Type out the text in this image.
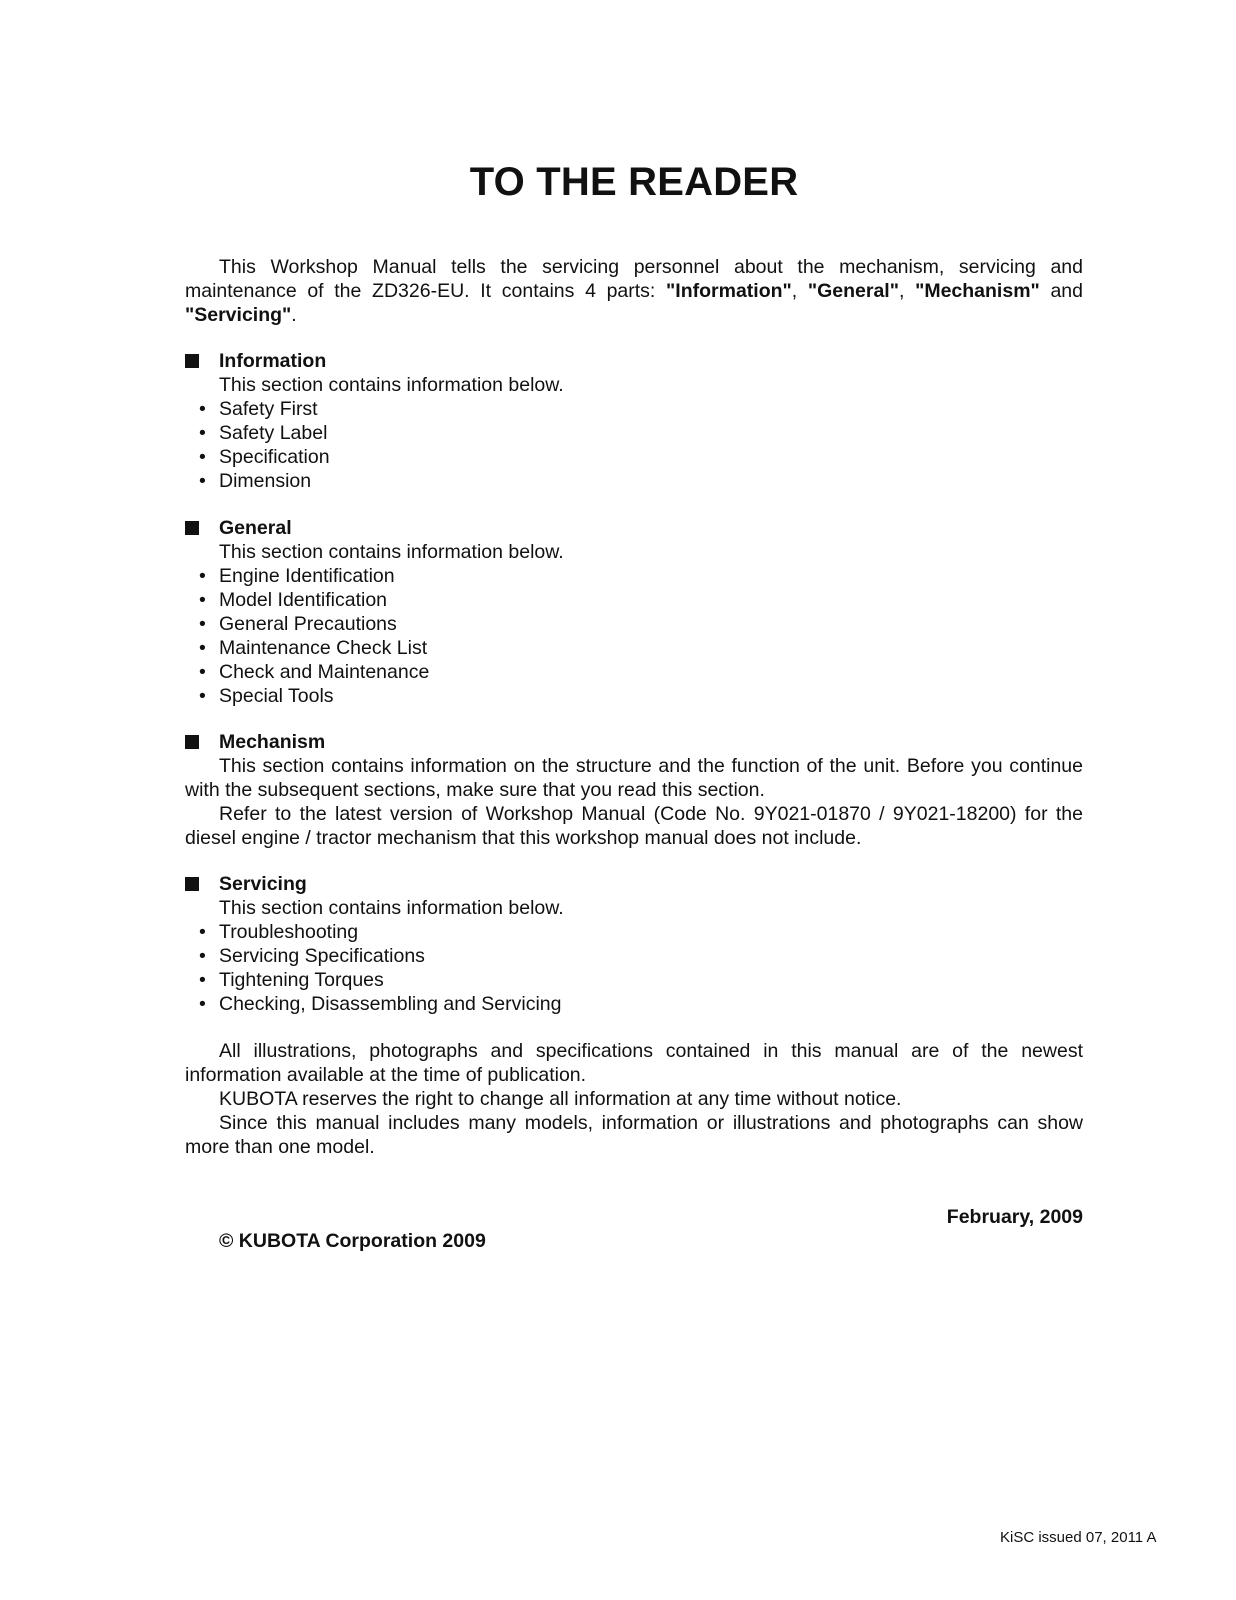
TO THE READER

This Workshop Manual tells the servicing personnel about the mechanism, servicing and maintenance of the ZD326-EU. It contains 4 parts: "Information", "General", "Mechanism" and "Servicing".

Information
This section contains information below.
• Safety First
• Safety Label
• Specification
• Dimension
General
This section contains information below.
• Engine Identification
• Model Identification
• General Precautions
• Maintenance Check List
• Check and Maintenance
• Special Tools
Mechanism

This section contains information on the structure and the function of the unit. Before you continue with the subsequent sections, make sure that you read this section.

Refer to the latest version of Workshop Manual (Code No. 9Y021-01870 / 9Y021-18200) for the diesel engine / tractor mechanism that this workshop manual does not include.

Servicing
This section contains information below.
• Troubleshooting
• Servicing Specifications
• Tightening Torques
• Checking, Disassembling and Servicing

All illustrations, photographs and specifications contained in this manual are of the newest information available at the time of publication.

KUBOTA reserves the right to change all information at any time without notice.

Since this manual includes many models, information or illustrations and photographs can show more than one model.

February, 2009
© KUBOTA Corporation 2009
KiSC issued 07, 2011 A
